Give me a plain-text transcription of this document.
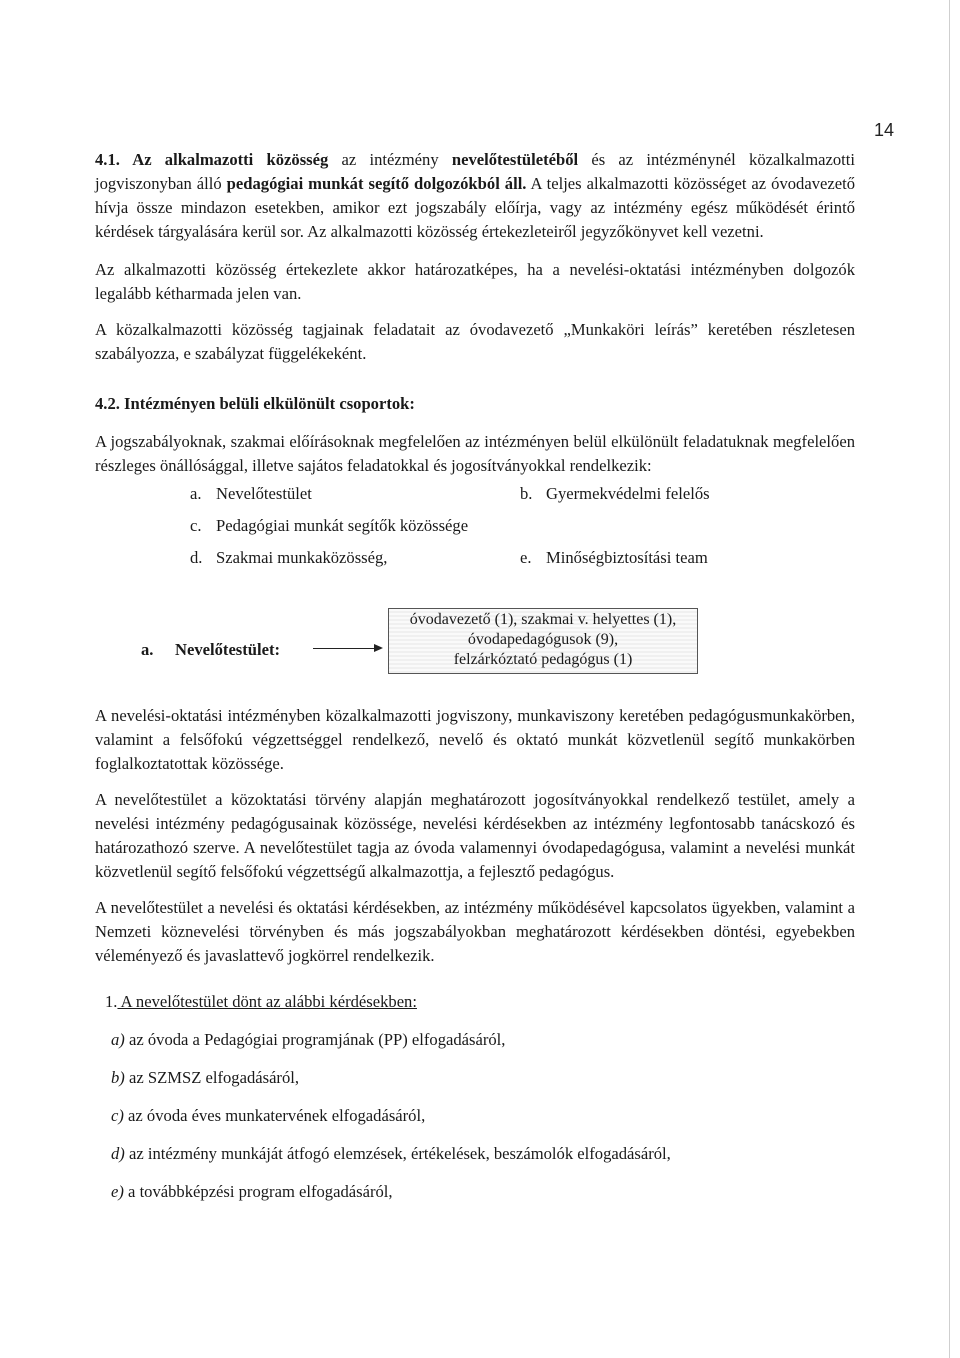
14

4.1. Az alkalmazotti közösség az intézmény nevelőtestületéből és az intézménynél közalkalmazotti jogviszonyban álló pedagógiai munkát segítő dolgozókból áll. A teljes alkalmazotti közösséget az óvodavezető hívja össze mindazon esetekben, amikor ezt jogszabály előírja, vagy az intézmény egész működését érintő kérdések tárgyalására kerül sor. Az alkalmazotti közösség értekezleteiről jegyzőkönyvet kell vezetni.

Az alkalmazotti közösség értekezlete akkor határozatképes, ha a nevelési-oktatási intézményben dolgozók legalább kétharmada jelen van.

A közalkalmazotti közösség tagjainak feladatait az óvodavezető „Munkaköri leírás” keretében részletesen szabályozza, e szabályzat függelékeként.

4.2. Intézményen belüli elkülönült csoportok:

A jogszabályoknak, szakmai előírásoknak megfelelően az intézményen belül elkülönült feladatuknak megfelelően részleges önállósággal, illetve sajátos feladatokkal és jogosítványokkal rendelkezik:

a. Nevelőtestület	b. Gyermekvédelmi felelős
c. Pedagógiai munkát segítők közössége
d. Szakmai munkaközösség,	e. Minőségbiztosítási team
a. Nevelőtestület:
óvodavezető (1), szakmai v. helyettes (1),
óvodapedagógusok (9),
felzárkóztató pedagógus (1)

A nevelési-oktatási intézményben közalkalmazotti jogviszony, munkaviszony keretében pedagógusmunkakörben, valamint a felsőfokú végzettséggel rendelkező, nevelő és oktató munkát közvetlenül segítő munkakörben foglalkoztatottak közössége.

A nevelőtestület a közoktatási törvény alapján meghatározott jogosítványokkal rendelkező testület, amely a nevelési intézmény pedagógusainak közössége, nevelési kérdésekben az intézmény legfontosabb tanácskozó és határozathozó szerve. A nevelőtestület tagja az óvoda valamennyi óvodapedagógusa, valamint a nevelési munkát közvetlenül segítő felsőfokú végzettségű alkalmazottja, a fejlesztő pedagógus.

A nevelőtestület a nevelési és oktatási kérdésekben, az intézmény működésével kapcsolatos ügyekben, valamint a Nemzeti köznevelési törvényben és más jogszabályokban meghatározott kérdésekben döntési, egyebekben véleményező és javaslattevő jogkörrel rendelkezik.

1. A nevelőtestület dönt az alábbi kérdésekben:
a) az óvoda a Pedagógiai programjának (PP) elfogadásáról,
b) az SZMSZ elfogadásáról,
c) az óvoda éves munkatervének elfogadásáról,
d) az intézmény munkáját átfogó elemzések, értékelések, beszámolók elfogadásáról,
e) a továbbképzési program elfogadásáról,
